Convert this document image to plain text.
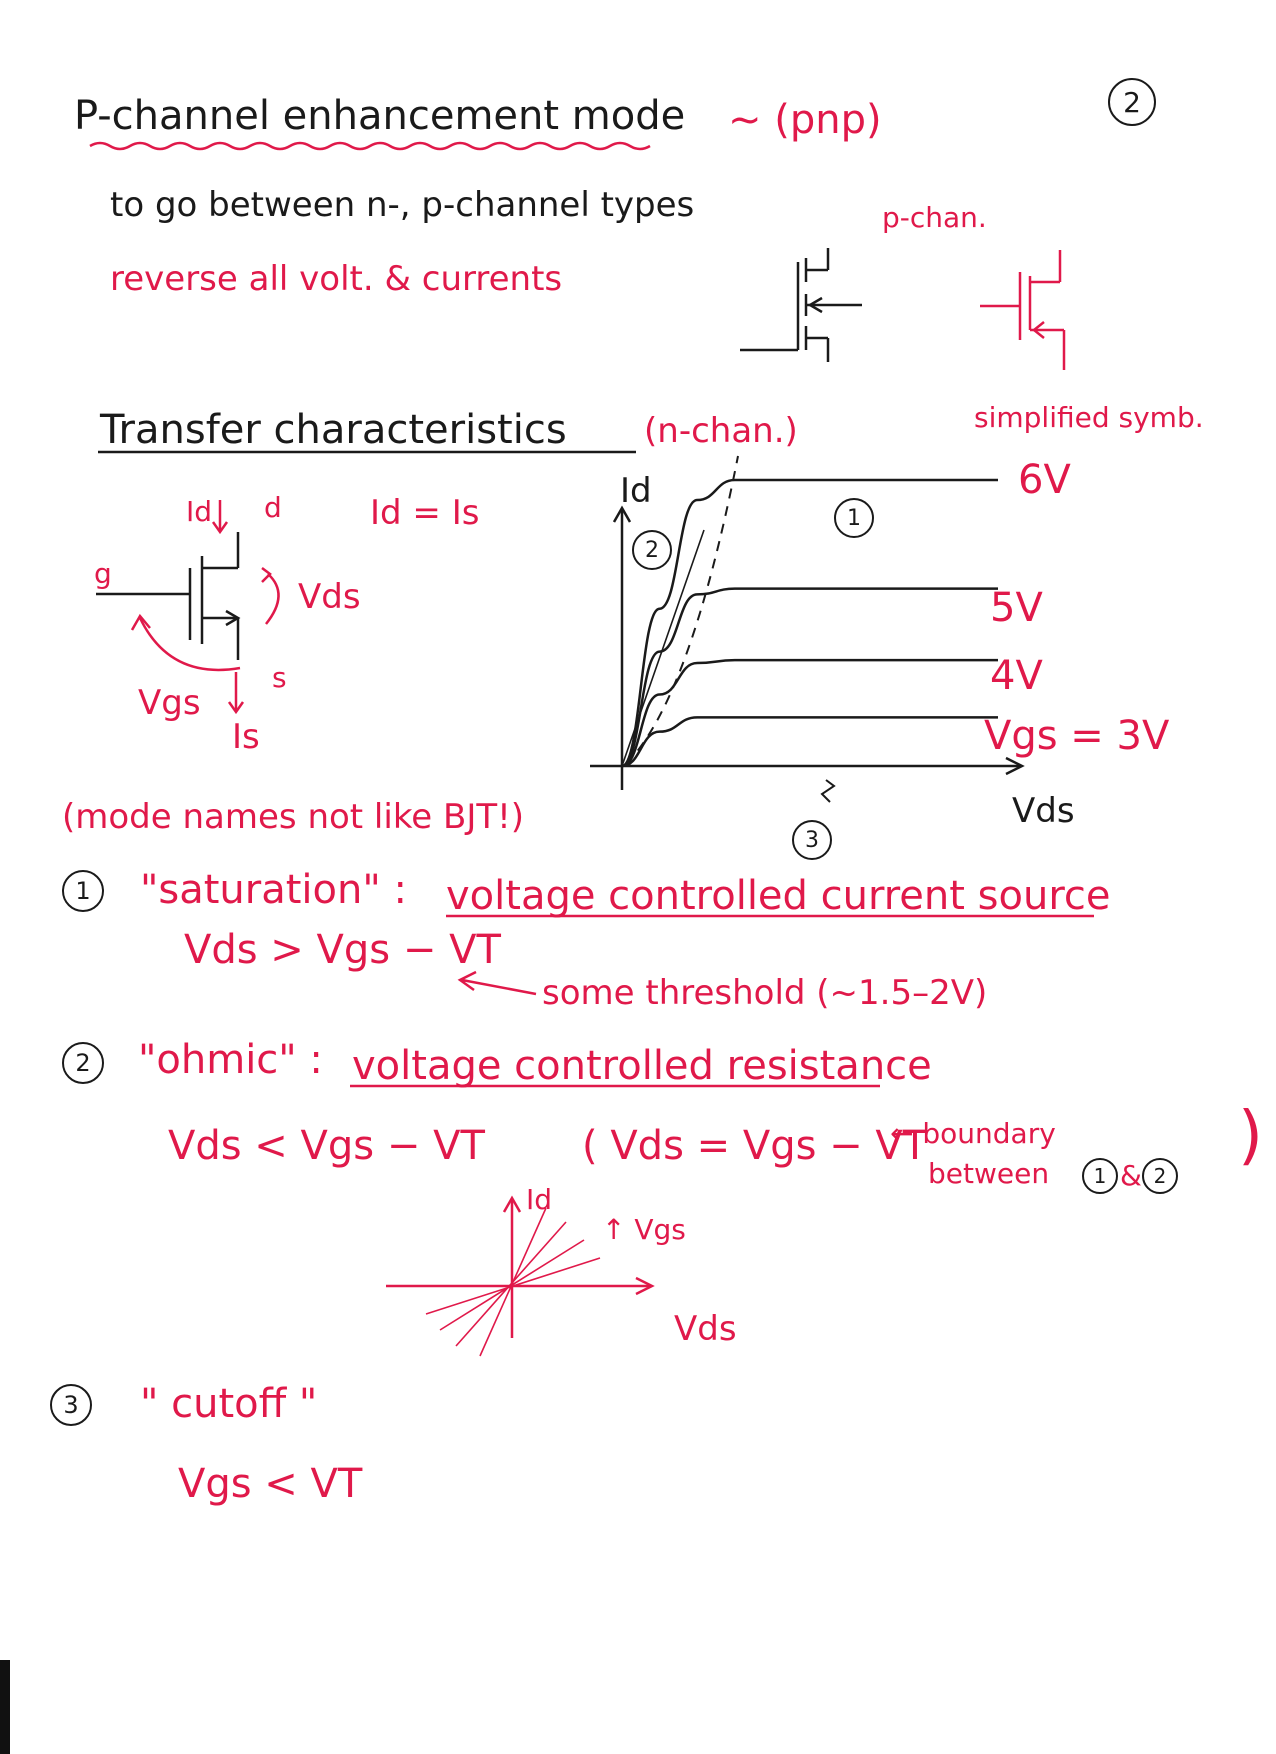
2
P-channel enhancement mode ~ (pnp)
to go between n-, p-channel types
reverse all volt. & currents
p-chan.
simplified symb.
Transfer characteristics (n-chan.)
Id d
g
Vds
s
Vgs
Is
Id = Is
Id
Vds
6V
5V
4V
Vgs = 3V
1
2
3
(mode names not like BJT!)
1 "saturation" : voltage controlled current source
Vds > Vgs − VT
some threshold (~1.5–2V)
2 "ohmic" : voltage controlled resistance
Vds < Vgs − VT ( Vds = Vgs − VT
← boundary
between 1 & 2
)
Id
↑ Vgs
Vds
3 " cutoff "
Vgs < VT
